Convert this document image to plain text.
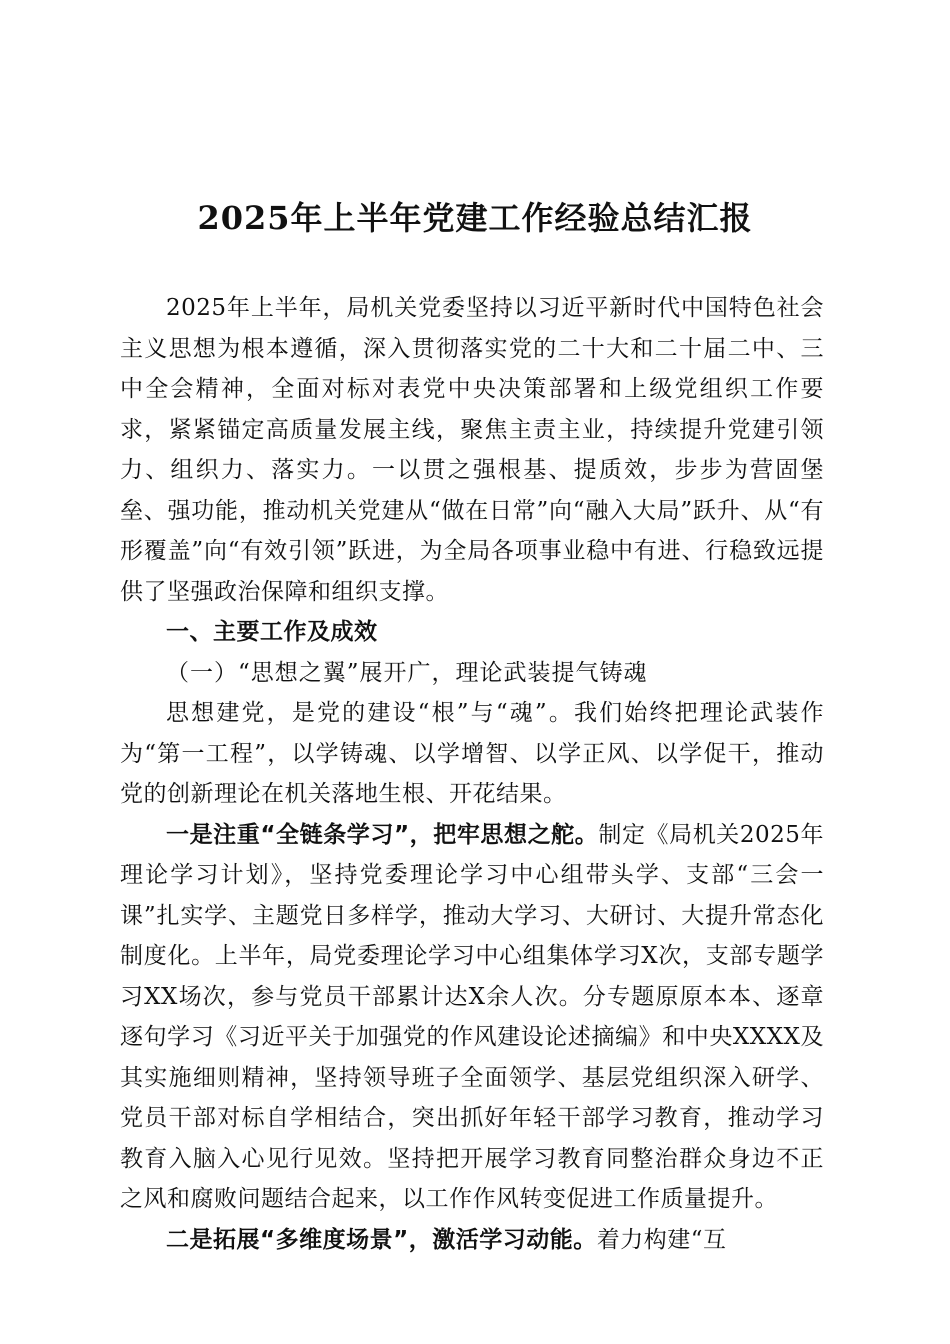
2025年上半年党建工作经验总结汇报

2025年上半年，局机关党委坚持以习近平新时代中国特色社会主义思想为根本遵循，深入贯彻落实党的二十大和二十届二中、三中全会精神，全面对标对表党中央决策部署和上级党组织工作要求，紧紧锚定高质量发展主线，聚焦主责主业，持续提升党建引领力、组织力、落实力。一以贯之强根基、提质效，步步为营固堡垒、强功能，推动机关党建从“做在日常”向“融入大局”跃升、从“有形覆盖”向“有效引领”跃进，为全局各项事业稳中有进、行稳致远提供了坚强政治保障和组织支撑。

一、主要工作及成效

（一）“思想之翼”展开广，理论武装提气铸魂

思想建党，是党的建设“根”与“魂”。我们始终把理论武装作为“第一工程”，以学铸魂、以学增智、以学正风、以学促干，推动党的创新理论在机关落地生根、开花结果。

一是注重“全链条学习”，把牢思想之舵。制定《局机关2025年理论学习计划》，坚持党委理论学习中心组带头学、支部“三会一课”扎实学、主题党日多样学，推动大学习、大研讨、大提升常态化制度化。上半年，局党委理论学习中心组集体学习X次，支部专题学习XX场次，参与党员干部累计达X余人次。分专题原原本本、逐章逐句学习《习近平关于加强党的作风建设论述摘编》和中央XXXX及其实施细则精神，坚持领导班子全面领学、基层党组织深入研学、党员干部对标自学相结合，突出抓好年轻干部学习教育，推动学习教育入脑入心见行见效。坚持把开展学习教育同整治群众身边不正之风和腐败问题结合起来，以工作作风转变促进工作质量提升。

二是拓展“多维度场景”，激活学习动能。着力构建“互
